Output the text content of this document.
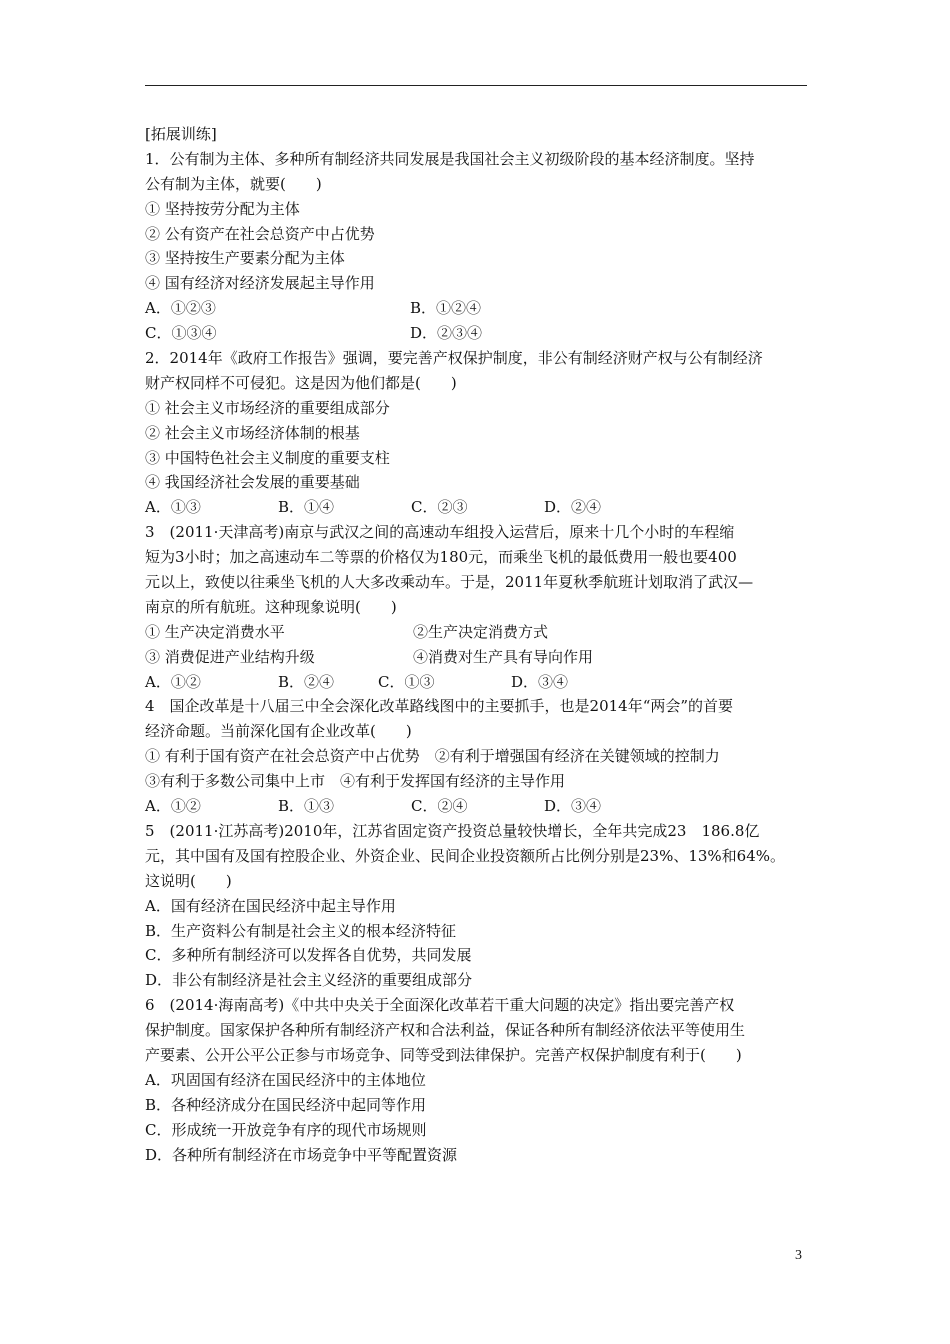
[拓展训练]
1．公有制为主体、多种所有制经济共同发展是我国社会主义初级阶段的基本经济制度。坚持
公有制为主体，就要(　　)
① 坚持按劳分配为主体
② 公有资产在社会总资产中占优势
③ 坚持按生产要素分配为主体
④ 国有经济对经济发展起主导作用
A．①②③	B．①②④
C．①③④	D．②③④
2．2014年《政府工作报告》强调，要完善产权保护制度，非公有制经济财产权与公有制经济
财产权同样不可侵犯。这是因为他们都是(　　)
① 社会主义市场经济的重要组成部分
② 社会主义市场经济体制的根基
③ 中国特色社会主义制度的重要支柱
④ 我国经济社会发展的重要基础
A．①③	B．①④	C．②③	D．②④
3　(2011·天津高考)南京与武汉之间的高速动车组投入运营后，原来十几个小时的车程缩
短为3小时；加之高速动车二等票的价格仅为180元，而乘坐飞机的最低费用一般也要400
元以上，致使以往乘坐飞机的人大多改乘动车。于是，2011年夏秋季航班计划取消了武汉—
南京的所有航班。这种现象说明(　　)
① 生产决定消费水平	②生产决定消费方式
③ 消费促进产业结构升级	④消费对生产具有导向作用
A．①②	B．②④	C．①③	D．③④
4　国企改革是十八届三中全会深化改革路线图中的主要抓手，也是2014年“两会”的首要
经济命题。当前深化国有企业改革(　　)
① 有利于国有资产在社会总资产中占优势　②有利于增强国有经济在关键领域的控制力
③有利于多数公司集中上市　④有利于发挥国有经济的主导作用
A．①②	B．①③	C．②④	D．③④
5　(2011·江苏高考)2010年，江苏省固定资产投资总量较快增长，全年共完成23　186.8亿
元，其中国有及国有控股企业、外资企业、民间企业投资额所占比例分别是23%、13%和64%。
这说明(　　)
A．国有经济在国民经济中起主导作用
B．生产资料公有制是社会主义的根本经济特征
C．多种所有制经济可以发挥各自优势，共同发展
D．非公有制经济是社会主义经济的重要组成部分
6　(2014·海南高考)《中共中央关于全面深化改革若干重大问题的决定》指出要完善产权
保护制度。国家保护各种所有制经济产权和合法利益，保证各种所有制经济依法平等使用生
产要素、公开公平公正参与市场竞争、同等受到法律保护。完善产权保护制度有利于(　　)
A．巩固国有经济在国民经济中的主体地位
B．各种经济成分在国民经济中起同等作用
C．形成统一开放竞争有序的现代市场规则
D．各种所有制经济在市场竞争中平等配置资源
3
